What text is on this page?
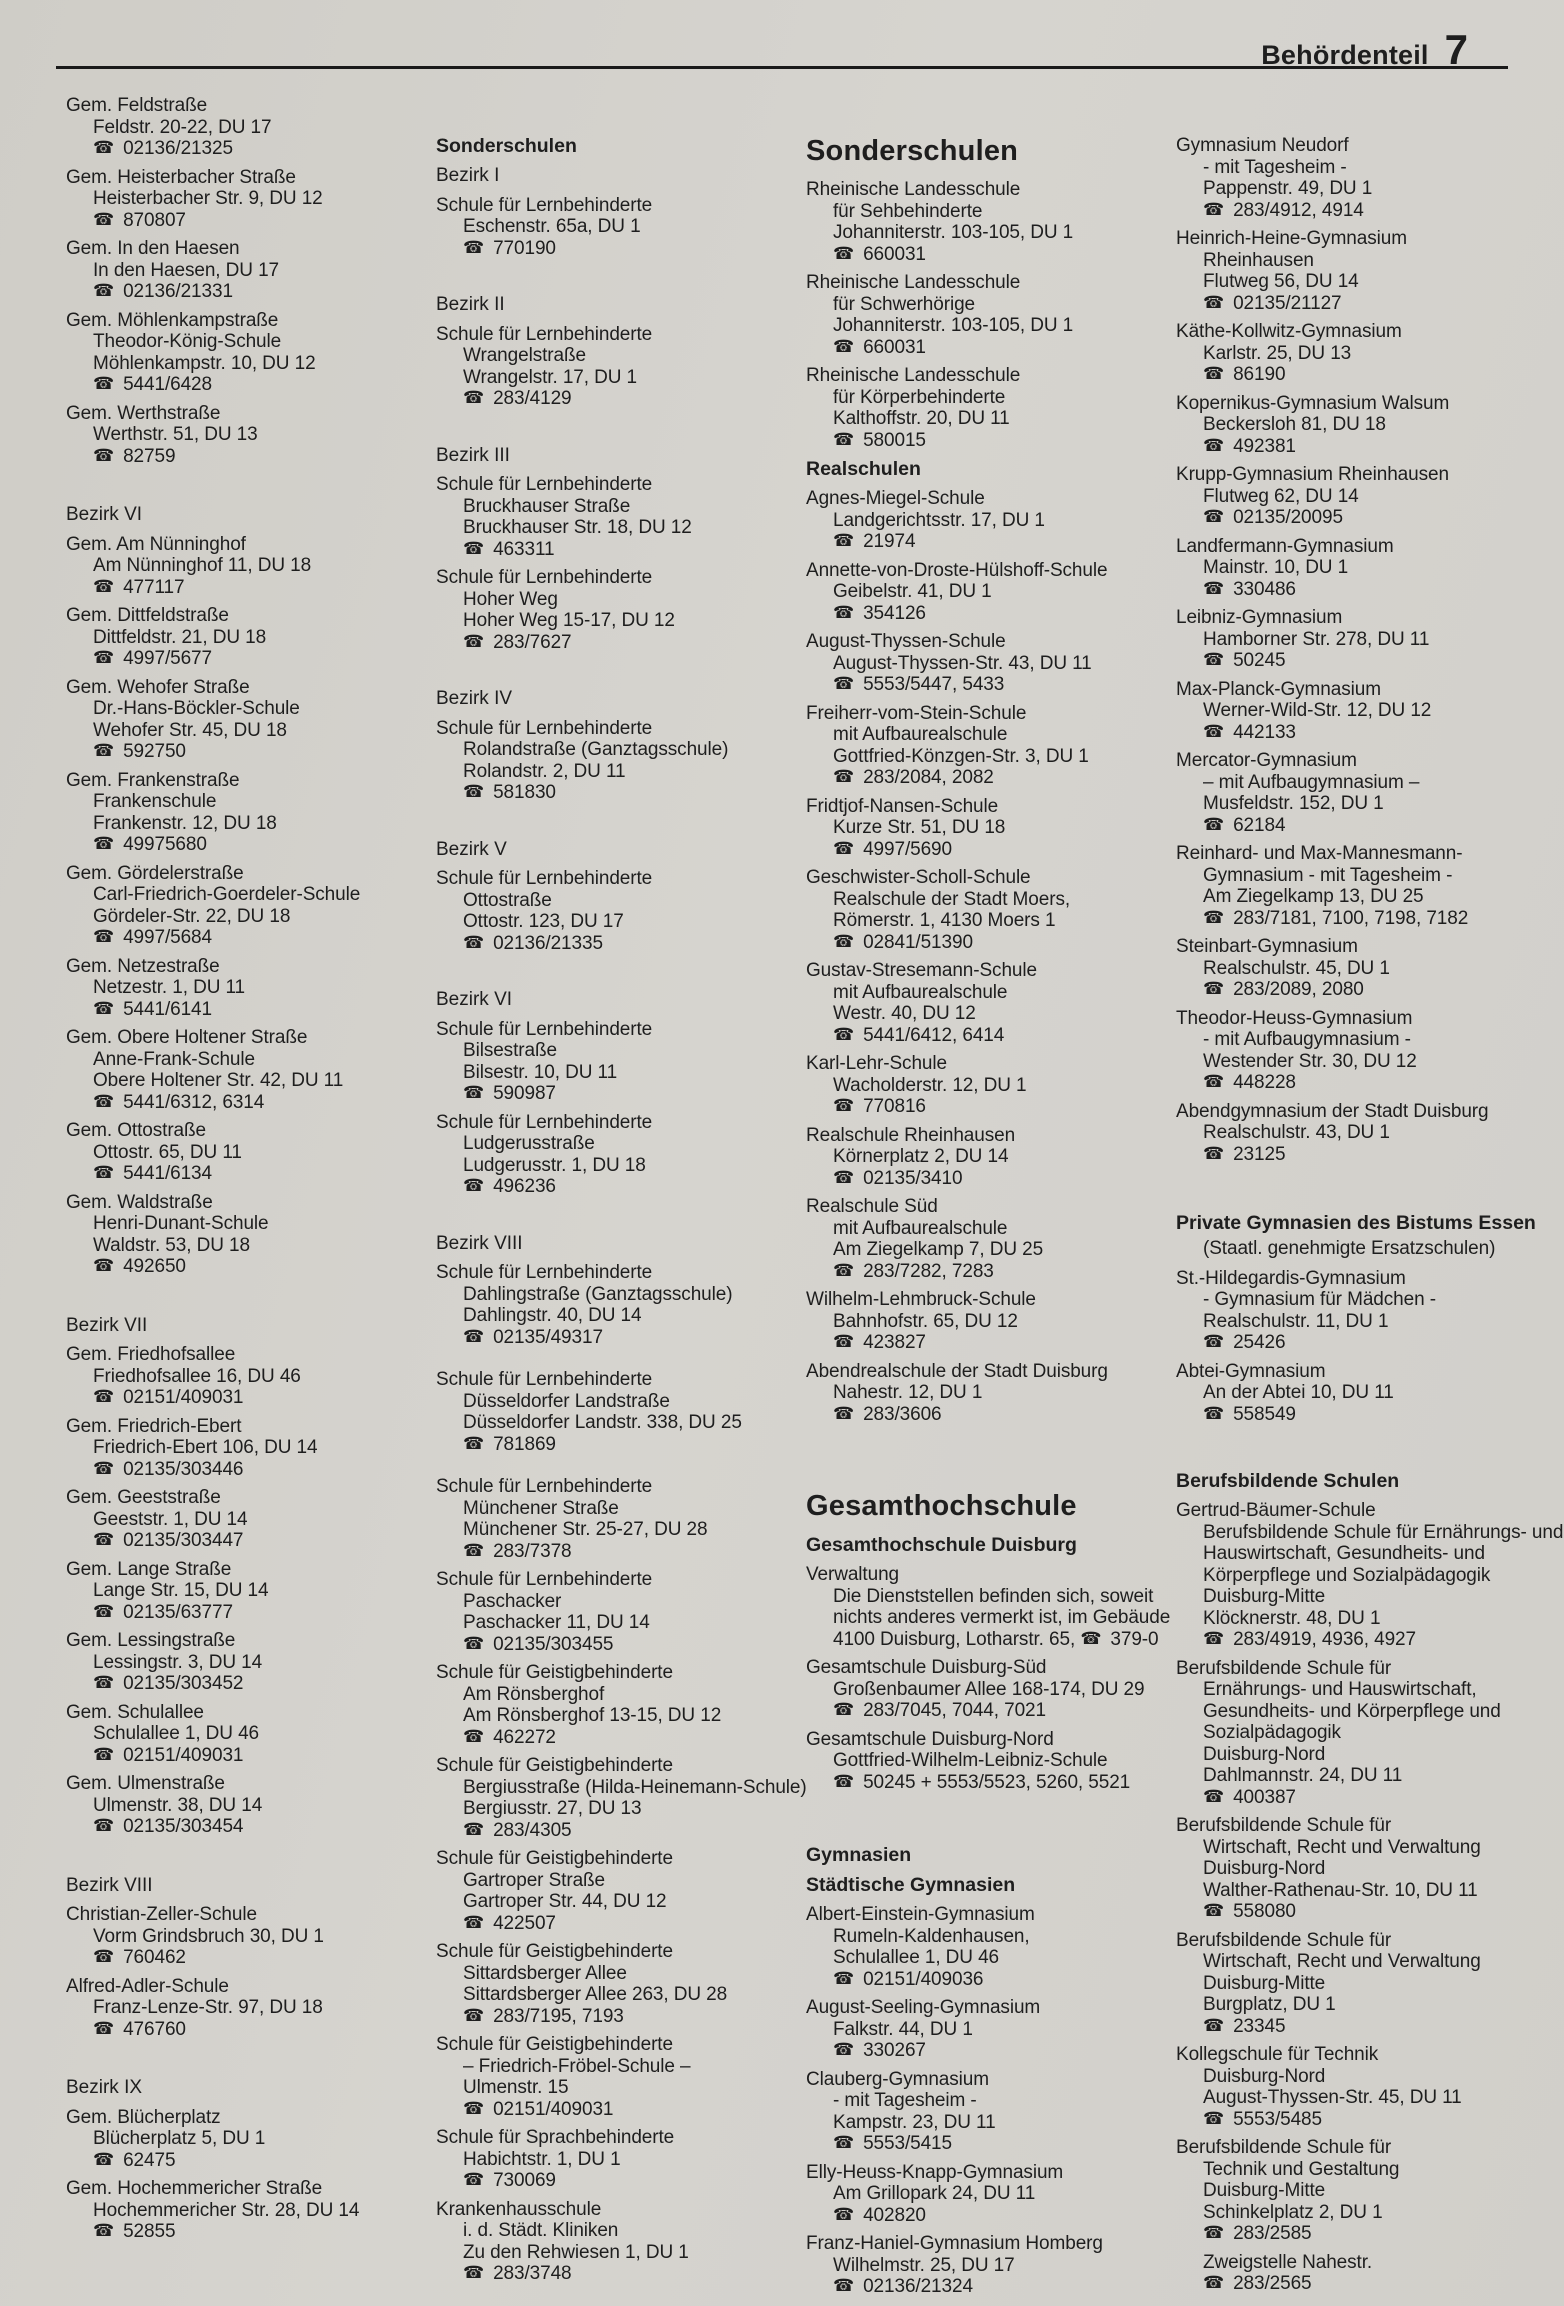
Behördenteil 7
Gem. Feldstraße
Feldstr. 20-22, DU 17
☎ 02136/21325
Gem. Heisterbacher Straße
Heisterbacher Str. 9, DU 12
☎ 870807
Gem. In den Haesen
In den Haesen, DU 17
☎ 02136/21331
Gem. Möhlenkampstraße
Theodor-König-Schule
Möhlenkampstr. 10, DU 12
☎ 5441/6428
Gem. Werthstraße
Werthstr. 51, DU 13
☎ 82759
Bezirk VI
Gem. Am Nünninghof
Am Nünninghof 11, DU 18
☎ 477117
Gem. Dittfeldstraße
Dittfeldstr. 21, DU 18
☎ 4997/5677
Gem. Wehofer Straße
Dr.-Hans-Böckler-Schule
Wehofer Str. 45, DU 18
☎ 592750
Gem. Frankenstraße
Frankenschule
Frankenstr. 12, DU 18
☎ 49975680
Gem. Gördelerstraße
Carl-Friedrich-Goerdeler-Schule
Gördeler-Str. 22, DU 18
☎ 4997/5684
Gem. Netzestraße
Netzestr. 1, DU 11
☎ 5441/6141
Gem. Obere Holtener Straße
Anne-Frank-Schule
Obere Holtener Str. 42, DU 11
☎ 5441/6312, 6314
Gem. Ottostraße
Ottostr. 65, DU 11
☎ 5441/6134
Gem. Waldstraße
Henri-Dunant-Schule
Waldstr. 53, DU 18
☎ 492650
Bezirk VII
Gem. Friedhofsallee
Friedhofsallee 16, DU 46
☎ 02151/409031
Gem. Friedrich-Ebert
Friedrich-Ebert 106, DU 14
☎ 02135/303446
Gem. Geeststraße
Geeststr. 1, DU 14
☎ 02135/303447
Gem. Lange Straße
Lange Str. 15, DU 14
☎ 02135/63777
Gem. Lessingstraße
Lessingstr. 3, DU 14
☎ 02135/303452
Gem. Schulallee
Schulallee 1, DU 46
☎ 02151/409031
Gem. Ulmenstraße
Ulmenstr. 38, DU 14
☎ 02135/303454
Bezirk VIII
Christian-Zeller-Schule
Vorm Grindsbruch 30, DU 1
☎ 760462
Alfred-Adler-Schule
Franz-Lenze-Str. 97, DU 18
☎ 476760
Bezirk IX
Gem. Blücherplatz
Blücherplatz 5, DU 1
☎ 62475
Gem. Hochemmericher Straße
Hochemmericher Str. 28, DU 14
☎ 52855
Sonderschulen
Bezirk I
Schule für Lernbehinderte
Eschenstr. 65a, DU 1
☎ 770190
Bezirk II
Schule für Lernbehinderte
Wrangelstraße
Wrangelstr. 17, DU 1
☎ 283/4129
Bezirk III
Schule für Lernbehinderte
Bruckhauser Straße
Bruckhauser Str. 18, DU 12
☎ 463311
Schule für Lernbehinderte
Hoher Weg
Hoher Weg 15-17, DU 12
☎ 283/7627
Bezirk IV
Schule für Lernbehinderte
Rolandstraße (Ganztagsschule)
Rolandstr. 2, DU 11
☎ 581830
Bezirk V
Schule für Lernbehinderte
Ottostraße
Ottostr. 123, DU 17
☎ 02136/21335
Bezirk VI
Schule für Lernbehinderte
Bilsestraße
Bilsestr. 10, DU 11
☎ 590987
Schule für Lernbehinderte
Ludgerusstraße
Ludgerusstr. 1, DU 18
☎ 496236
Bezirk VIII
Schule für Lernbehinderte
Dahlingstraße (Ganztagsschule)
Dahlingstr. 40, DU 14
☎ 02135/49317
Schule für Lernbehinderte
Düsseldorfer Landstraße
Düsseldorfer Landstr. 338, DU 25
☎ 781869
Schule für Lernbehinderte
Münchener Straße
Münchener Str. 25-27, DU 28
☎ 283/7378
Schule für Lernbehinderte
Paschacker
Paschacker 11, DU 14
☎ 02135/303455
Schule für Geistigbehinderte
Am Rönsberghof
Am Rönsberghof 13-15, DU 12
☎ 462272
Schule für Geistigbehinderte
Bergiusstraße (Hilda-Heinemann-Schule)
Bergiusstr. 27, DU 13
☎ 283/4305
Schule für Geistigbehinderte
Gartroper Straße
Gartroper Str. 44, DU 12
☎ 422507
Schule für Geistigbehinderte
Sittardsberger Allee
Sittardsberger Allee 263, DU 28
☎ 283/7195, 7193
Schule für Geistigbehinderte
– Friedrich-Fröbel-Schule –
Ulmenstr. 15
☎ 02151/409031
Schule für Sprachbehinderte
Habichtstr. 1, DU 1
☎ 730069
Krankenhausschule
i. d. Städt. Kliniken
Zu den Rehwiesen 1, DU 1
☎ 283/3748
Sonderschulen
Rheinische Landesschule
für Sehbehinderte
Johanniterstr. 103-105, DU 1
☎ 660031
Rheinische Landesschule
für Schwerhörige
Johanniterstr. 103-105, DU 1
☎ 660031
Rheinische Landesschule
für Körperbehinderte
Kalthoffstr. 20, DU 11
☎ 580015
Realschulen
Agnes-Miegel-Schule
Landgerichtsstr. 17, DU 1
☎ 21974
Annette-von-Droste-Hülshoff-Schule
Geibelstr. 41, DU 1
☎ 354126
August-Thyssen-Schule
August-Thyssen-Str. 43, DU 11
☎ 5553/5447, 5433
Freiherr-vom-Stein-Schule
mit Aufbaurealschule
Gottfried-Könzgen-Str. 3, DU 1
☎ 283/2084, 2082
Fridtjof-Nansen-Schule
Kurze Str. 51, DU 18
☎ 4997/5690
Geschwister-Scholl-Schule
Realschule der Stadt Moers,
Römerstr. 1, 4130 Moers 1
☎ 02841/51390
Gustav-Stresemann-Schule
mit Aufbaurealschule
Westr. 40, DU 12
☎ 5441/6412, 6414
Karl-Lehr-Schule
Wacholderstr. 12, DU 1
☎ 770816
Realschule Rheinhausen
Körnerplatz 2, DU 14
☎ 02135/3410
Realschule Süd
mit Aufbaurealschule
Am Ziegelkamp 7, DU 25
☎ 283/7282, 7283
Wilhelm-Lehmbruck-Schule
Bahnhofstr. 65, DU 12
☎ 423827
Abendrealschule der Stadt Duisburg
Nahestr. 12, DU 1
☎ 283/3606
Gesamthochschule
Gesamthochschule Duisburg
Verwaltung
Die Dienststellen befinden sich, soweit
nichts anderes vermerkt ist, im Gebäude
4100 Duisburg, Lotharstr. 65, ☎ 379-0
Gesamtschule Duisburg-Süd
Großenbaumer Allee 168-174, DU 29
☎ 283/7045, 7044, 7021
Gesamtschule Duisburg-Nord
Gottfried-Wilhelm-Leibniz-Schule
☎ 50245 + 5553/5523, 5260, 5521
Gymnasien
Städtische Gymnasien
Albert-Einstein-Gymnasium
Rumeln-Kaldenhausen,
Schulallee 1, DU 46
☎ 02151/409036
August-Seeling-Gymnasium
Falkstr. 44, DU 1
☎ 330267
Clauberg-Gymnasium
- mit Tagesheim -
Kampstr. 23, DU 11
☎ 5553/5415
Elly-Heuss-Knapp-Gymnasium
Am Grillopark 24, DU 11
☎ 402820
Franz-Haniel-Gymnasium Homberg
Wilhelmstr. 25, DU 17
☎ 02136/21324
Gymnasium Neudorf
- mit Tagesheim -
Pappenstr. 49, DU 1
☎ 283/4912, 4914
Heinrich-Heine-Gymnasium
Rheinhausen
Flutweg 56, DU 14
☎ 02135/21127
Käthe-Kollwitz-Gymnasium
Karlstr. 25, DU 13
☎ 86190
Kopernikus-Gymnasium Walsum
Beckersloh 81, DU 18
☎ 492381
Krupp-Gymnasium Rheinhausen
Flutweg 62, DU 14
☎ 02135/20095
Landfermann-Gymnasium
Mainstr. 10, DU 1
☎ 330486
Leibniz-Gymnasium
Hamborner Str. 278, DU 11
☎ 50245
Max-Planck-Gymnasium
Werner-Wild-Str. 12, DU 12
☎ 442133
Mercator-Gymnasium
– mit Aufbaugymnasium –
Musfeldstr. 152, DU 1
☎ 62184
Reinhard- und Max-Mannesmann-
Gymnasium - mit Tagesheim -
Am Ziegelkamp 13, DU 25
☎ 283/7181, 7100, 7198, 7182
Steinbart-Gymnasium
Realschulstr. 45, DU 1
☎ 283/2089, 2080
Theodor-Heuss-Gymnasium
- mit Aufbaugymnasium -
Westender Str. 30, DU 12
☎ 448228
Abendgymnasium der Stadt Duisburg
Realschulstr. 43, DU 1
☎ 23125
Private Gymnasien des Bistums Essen
(Staatl. genehmigte Ersatzschulen)
St.-Hildegardis-Gymnasium
- Gymnasium für Mädchen -
Realschulstr. 11, DU 1
☎ 25426
Abtei-Gymnasium
An der Abtei 10, DU 11
☎ 558549
Berufsbildende Schulen
Gertrud-Bäumer-Schule
Berufsbildende Schule für Ernährungs- und
Hauswirtschaft, Gesundheits- und
Körperpflege und Sozialpädagogik
Duisburg-Mitte
Klöcknerstr. 48, DU 1
☎ 283/4919, 4936, 4927
Berufsbildende Schule für
Ernährungs- und Hauswirtschaft,
Gesundheits- und Körperpflege und
Sozialpädagogik
Duisburg-Nord
Dahlmannstr. 24, DU 11
☎ 400387
Berufsbildende Schule für
Wirtschaft, Recht und Verwaltung
Duisburg-Nord
Walther-Rathenau-Str. 10, DU 11
☎ 558080
Berufsbildende Schule für
Wirtschaft, Recht und Verwaltung
Duisburg-Mitte
Burgplatz, DU 1
☎ 23345
Kollegschule für Technik
Duisburg-Nord
August-Thyssen-Str. 45, DU 11
☎ 5553/5485
Berufsbildende Schule für
Technik und Gestaltung
Duisburg-Mitte
Schinkelplatz 2, DU 1
☎ 283/2585
Zweigstelle Nahestr.
☎ 283/2565
